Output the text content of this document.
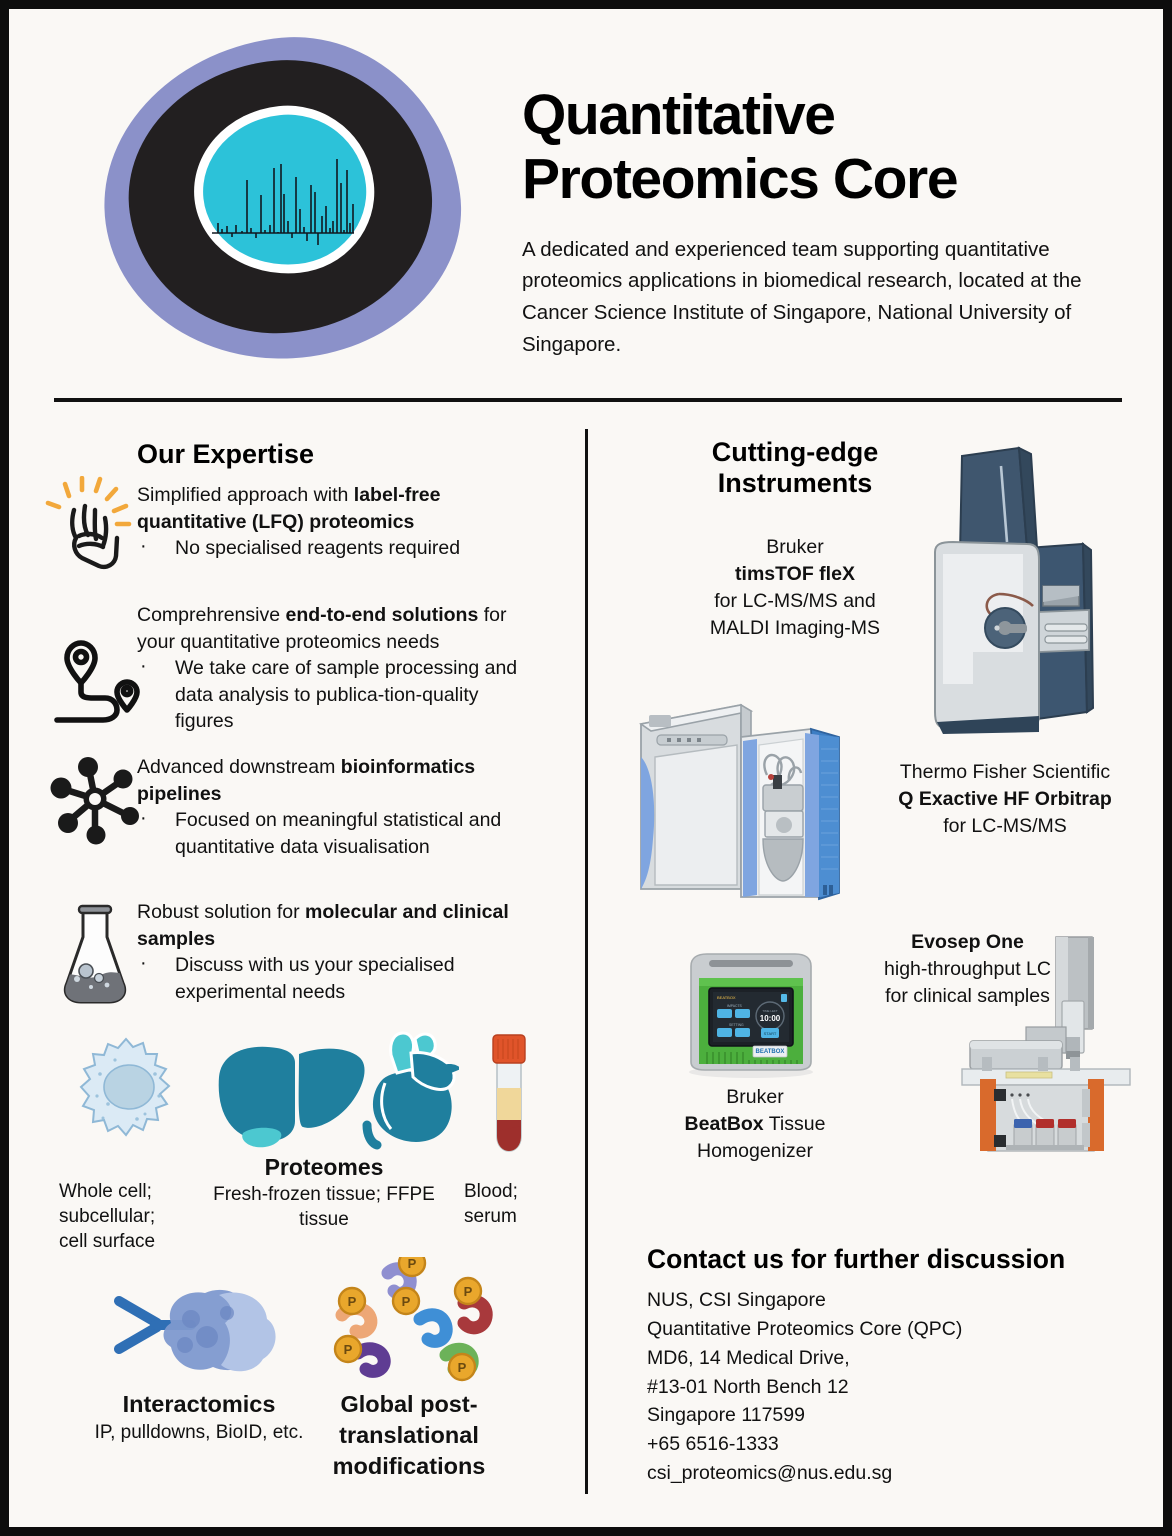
Quantitative
Proteomics Core
A dedicated and experienced team supporting quantitative proteomics applications in biomedical research, located at the Cancer Science Institute of Singapore, National University of Singapore.
Our Expertise
Simplified approach with label-free quantitative (LFQ) proteomics
· No specialised reagents required
Comprehrensive end-to-end solutions for your quantitative proteomics needs
· We take care of sample processing and data analysis to publica-tion-quality figures
Advanced downstream bioinformatics pipelines
· Focused on meaningful statistical and quantitative data visualisation
Robust solution for molecular and clinical samples
· Discuss with us your specialised experimental needs
Whole cell; subcellular; cell surface
Proteomes
Fresh-frozen tissue; FFPE tissue
Blood; serum
P
P	P
P
P
P
Interactomics
IP, pulldowns, BioID, etc.
Global post-translational modifications
Cutting-edge Instruments
Bruker
timsTOF fleX
for LC-MS/MS and
MALDI Imaging-MS
Thermo Fisher Scientific
Q Exactive HF Orbitrap
for LC-MS/MS
BEATBOX
IMPACTS
SETTING
TIME LEFT
10:00
START
BEATBOX
Bruker
BeatBox Tissue
Homogenizer
Evosep One
high-throughput LC
for clinical samples
Contact us for further discussion
NUS, CSI Singapore
Quantitative Proteomics Core (QPC)
MD6, 14 Medical Drive,
#13-01 North Bench 12
Singapore 117599
+65 6516-1333
csi_proteomics@nus.edu.sg
